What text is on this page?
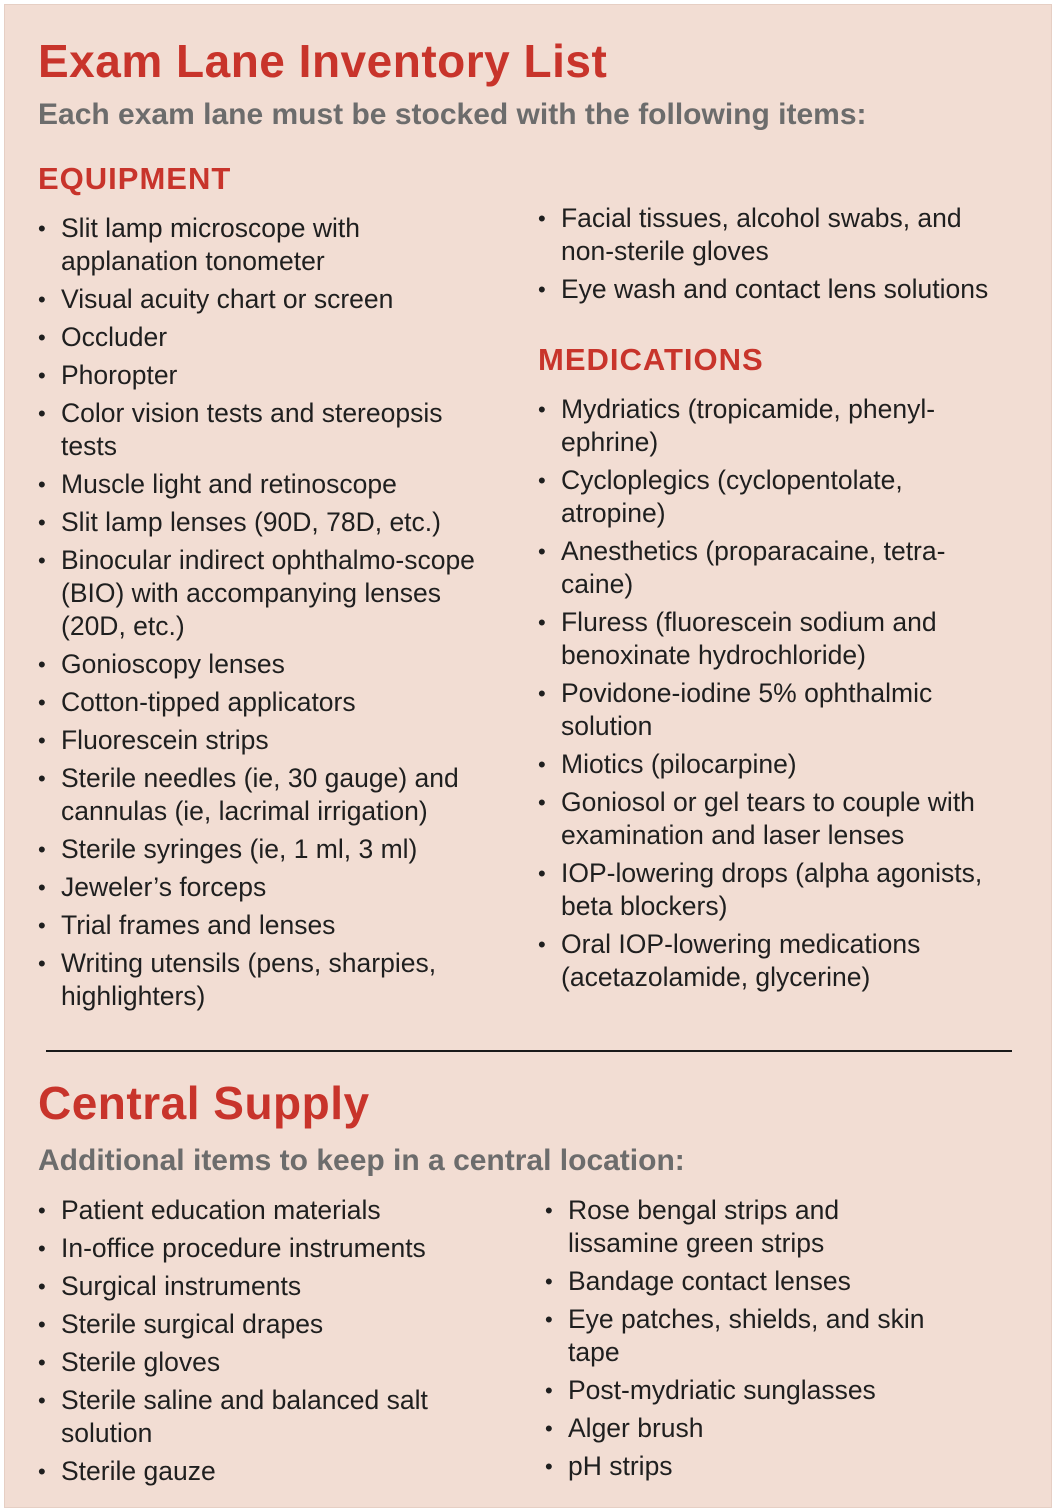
Exam Lane Inventory List
Each exam lane must be stocked with the following items:
EQUIPMENT
• Slit lamp microscope with applanation tonometer
• Visual acuity chart or screen
• Occluder
• Phoropter
• Color vision tests and stereopsis tests
• Muscle light and retinoscope
• Slit lamp lenses (90D, 78D, etc.)
• Binocular indirect ophthalmo-scope (BIO) with accompanying lenses (20D, etc.)
• Gonioscopy lenses
• Cotton-tipped applicators
• Fluorescein strips
• Sterile needles (ie, 30 gauge) and cannulas (ie, lacrimal irrigation)
• Sterile syringes (ie, 1 ml, 3 ml)
• Jeweler’s forceps
• Trial frames and lenses
• Writing utensils (pens, sharpies, highlighters)
• Facial tissues, alcohol swabs, and non-sterile gloves
• Eye wash and contact lens solutions
MEDICATIONS
• Mydriatics (tropicamide, phenyl-ephrine)
• Cycloplegics (cyclopentolate, atropine)
• Anesthetics (proparacaine, tetra-caine)
• Fluress (fluorescein sodium and benoxinate hydrochloride)
• Povidone-iodine 5% ophthalmic solution
• Miotics (pilocarpine)
• Goniosol or gel tears to couple with examination and laser lenses
• IOP-lowering drops (alpha agonists, beta blockers)
• Oral IOP-lowering medications (acetazolamide, glycerine)
Central Supply
Additional items to keep in a central location:
• Patient education materials
• In-office procedure instruments
• Surgical instruments
• Sterile surgical drapes
• Sterile gloves
• Sterile saline and balanced salt solution
• Sterile gauze
• Rose bengal strips and lissamine green strips
• Bandage contact lenses
• Eye patches, shields, and skin tape
• Post-mydriatic sunglasses
• Alger brush
• pH strips
